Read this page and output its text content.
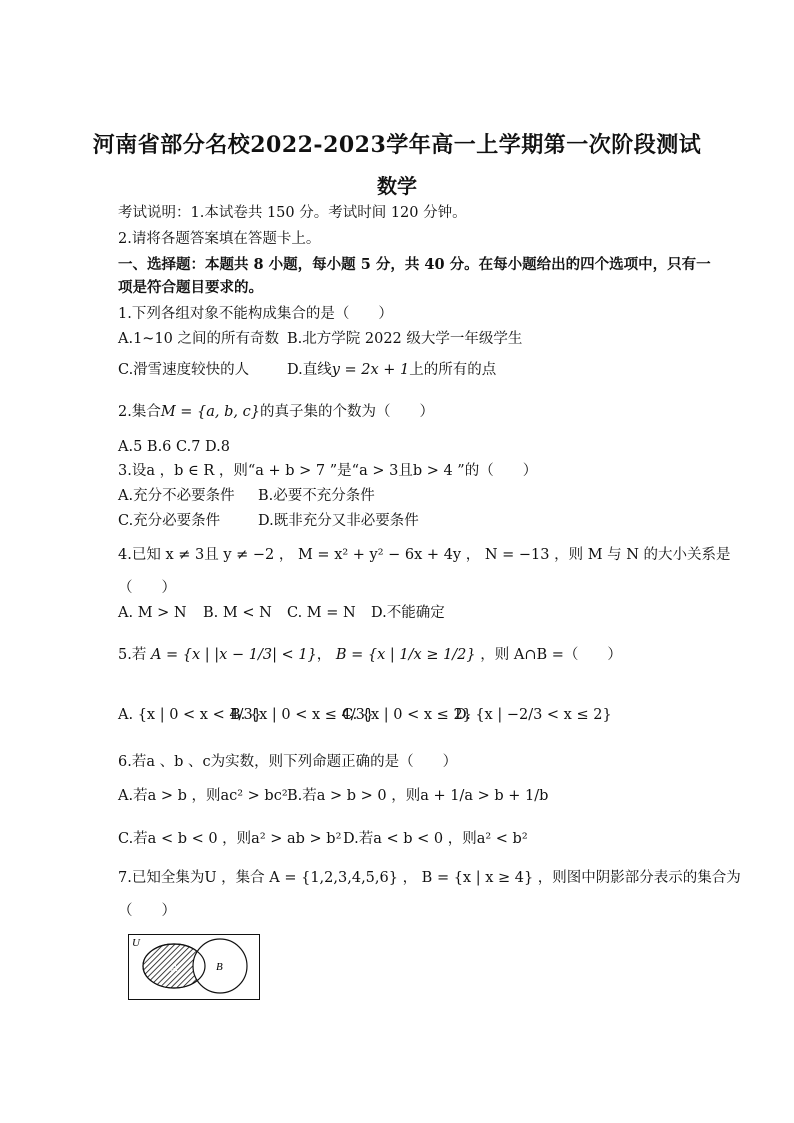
河南省部分名校2022-2023学年高一上学期第一次阶段测试
数学
考试说明：1.本试卷共 150 分。考试时间 120 分钟。
2.请将各题答案填在答题卡上。
一、选择题：本题共 8 小题，每小题 5 分，共 40 分。在每小题给出的四个选项中，只有一
项是符合题目要求的。
1.下列各组对象不能构成集合的是（　　）
A.1~10 之间的所有奇数 B.北方学院 2022 级大学一年级学生
C.滑雪速度较快的人	D.直线y = 2x + 1上的所有的点
2.集合M = {a, b, c}的真子集的个数为（　　）
A.5 B.6 C.7 D.8
3.设a ，b ∈ R ，则“a + b > 7 ”是“a > 3且b > 4 ”的（　　）
A.充分不必要条件 B.必要不充分条件
C.充分必要条件	D.既非充分又非必要条件
4.已知 x ≠ 3且 y ≠ −2 ， M = x² + y² − 6x + 4y ， N = −13 ，则 M 与 N 的大小关系是
（　　）
A. M > N B. M < N C. M = N D.不能确定
5.若 A = {x | |x − 1/3| < 1}， B = {x | 1/x ≥ 1/2} ，则 A∩B =（　　）
A. {x | 0 < x < 4/3}
B. {x | 0 < x ≤ 4/3}
C. {x | 0 < x ≤ 2}
D. {x | −2/3 < x ≤ 2}
6.若a 、b 、c为实数，则下列命题正确的是（　　）
A.若a > b ，则ac² > bc² B.若a > b > 0 ，则a + 1/a > b + 1/b
C.若a < b < 0 ，则a² > ab > b² D.若a < b < 0 ，则a² < b²
7.已知全集为U ，集合 A = {1,2,3,4,5,6} ， B = {x | x ≥ 4} ，则图中阴影部分表示的集合为
（　　）
U
A	B
